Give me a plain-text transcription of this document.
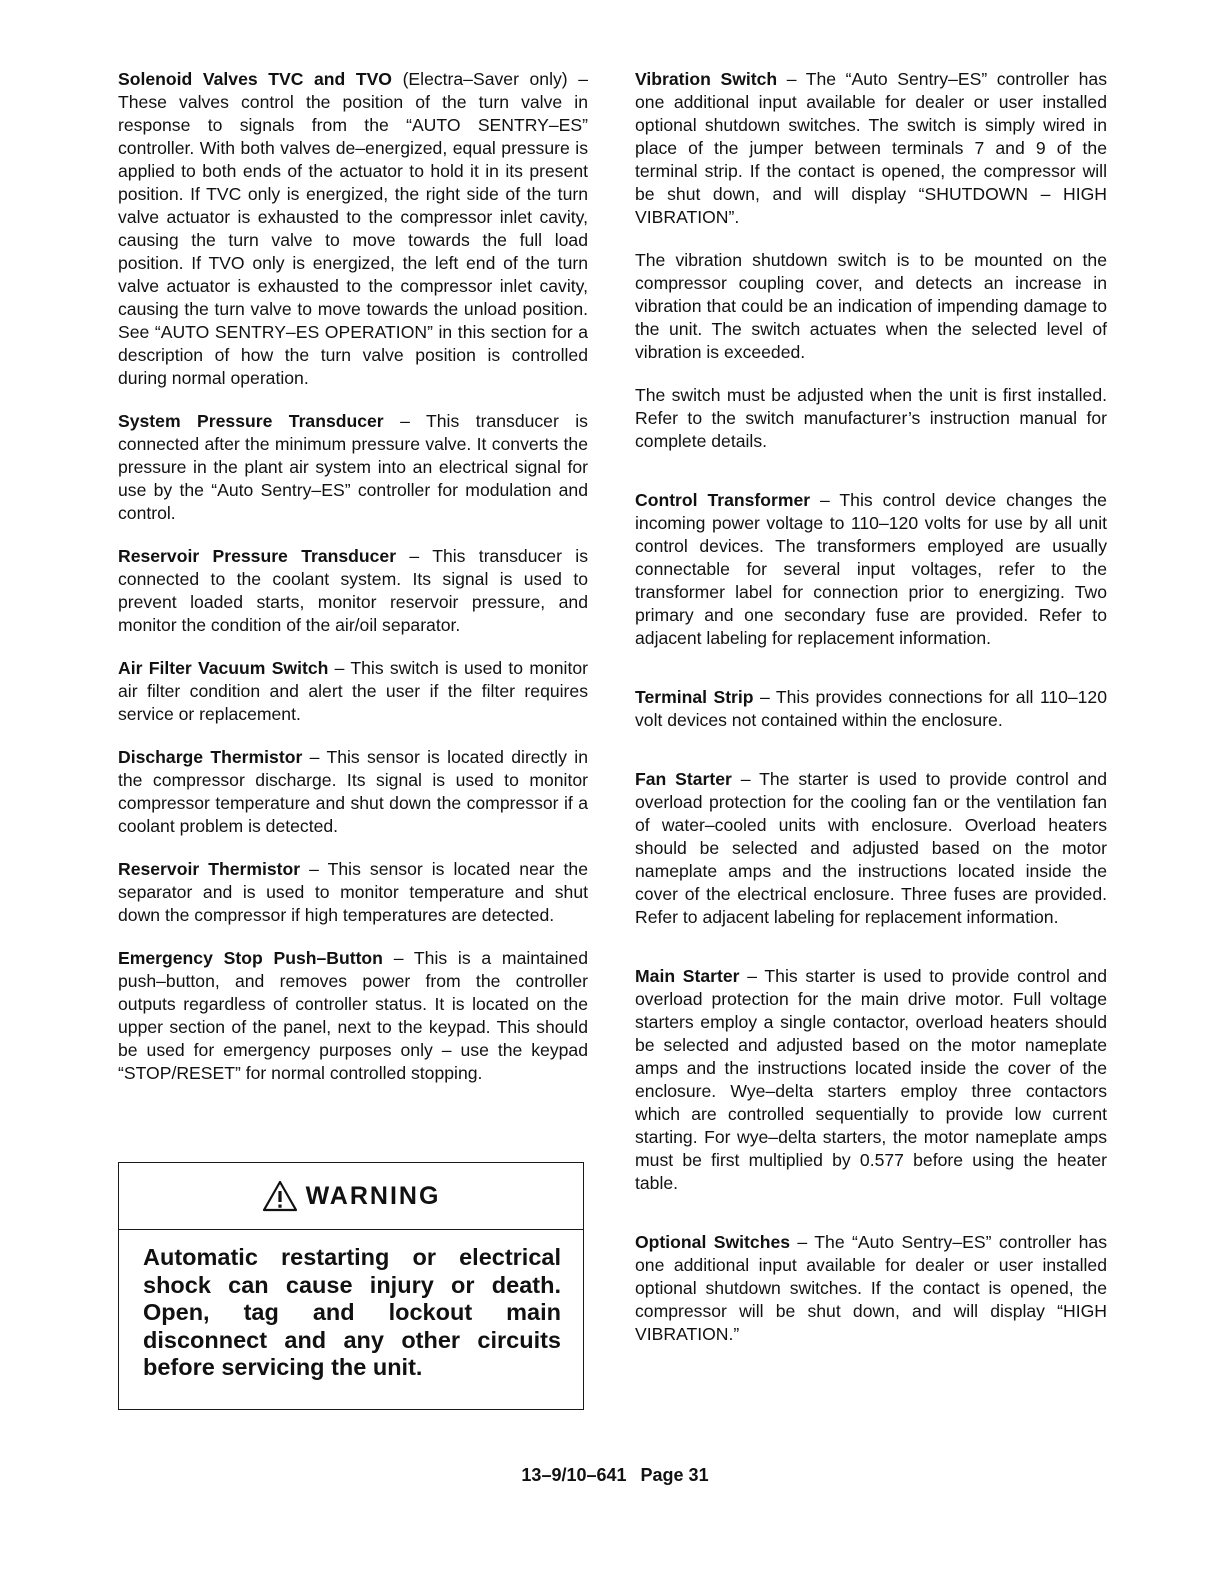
Solenoid Valves TVC and TVO (Electra–Saver only) – These valves control the position of the turn valve in response to signals from the “AUTO SENTRY–ES” controller. With both valves de–energized, equal pressure is applied to both ends of the actuator to hold it in its present position. If TVC only is energized, the right side of the turn valve actuator is exhausted to the compressor inlet cavity, causing the turn valve to move towards the full load position. If TVO only is energized, the left end of the turn valve actuator is exhausted to the compressor inlet cavity, causing the turn valve to move towards the unload position. See “AUTO SENTRY–ES OPERATION” in this section for a description of how the turn valve position is controlled during normal operation.

System Pressure Transducer – This transducer is connected after the minimum pressure valve. It converts the pressure in the plant air system into an electrical signal for use by the “Auto Sentry–ES” controller for modulation and control.

Reservoir Pressure Transducer – This transducer is connected to the coolant system. Its signal is used to prevent loaded starts, monitor reservoir pressure, and monitor the condition of the air/oil separator.

Air Filter Vacuum Switch – This switch is used to monitor air filter condition and alert the user if the filter requires service or replacement.

Discharge Thermistor – This sensor is located directly in the compressor discharge. Its signal is used to monitor compressor temperature and shut down the compressor if a coolant problem is detected.

Reservoir Thermistor – This sensor is located near the separator and is used to monitor temperature and shut down the compressor if high temperatures are detected.

Emergency Stop Push–Button – This is a maintained push–button, and removes power from the controller outputs regardless of controller status. It is located on the upper section of the panel, next to the keypad. This should be used for emergency purposes only – use the keypad “STOP/RESET” for normal controlled stopping.

WARNING
Automatic restarting or electrical shock can cause injury or death. Open, tag and lockout main disconnect and any other circuits before servicing the unit.

Vibration Switch – The “Auto Sentry–ES” controller has one additional input available for dealer or user installed optional shutdown switches. The switch is simply wired in place of the jumper between terminals 7 and 9 of the terminal strip. If the contact is opened, the compressor will be shut down, and will display “SHUTDOWN – HIGH VIBRATION”.

The vibration shutdown switch is to be mounted on the compressor coupling cover, and detects an increase in vibration that could be an indication of impending damage to the unit. The switch actuates when the selected level of vibration is exceeded.

The switch must be adjusted when the unit is first installed. Refer to the switch manufacturer’s instruction manual for complete details.

Control Transformer – This control device changes the incoming power voltage to 110–120 volts for use by all unit control devices. The transformers employed are usually connectable for several input voltages, refer to the transformer label for connection prior to energizing. Two primary and one secondary fuse are provided. Refer to adjacent labeling for replacement information.

Terminal Strip – This provides connections for all 110–120 volt devices not contained within the enclosure.

Fan Starter – The starter is used to provide control and overload protection for the cooling fan or the ventilation fan of water–cooled units with enclosure. Overload heaters should be selected and adjusted based on the motor nameplate amps and the instructions located inside the cover of the electrical enclosure. Three fuses are provided. Refer to adjacent labeling for replacement information.

Main Starter – This starter is used to provide control and overload protection for the main drive motor. Full voltage starters employ a single contactor, overload heaters should be selected and adjusted based on the motor nameplate amps and the instructions located inside the cover of the enclosure. Wye–delta starters employ three contactors which are controlled sequentially to provide low current starting. For wye–delta starters, the motor nameplate amps must be first multiplied by 0.577 before using the heater table.

Optional Switches – The “Auto Sentry–ES” controller has one additional input available for dealer or user installed optional shutdown switches. If the contact is opened, the compressor will be shut down, and will display “HIGH VIBRATION.”

13–9/10–641 Page 31
